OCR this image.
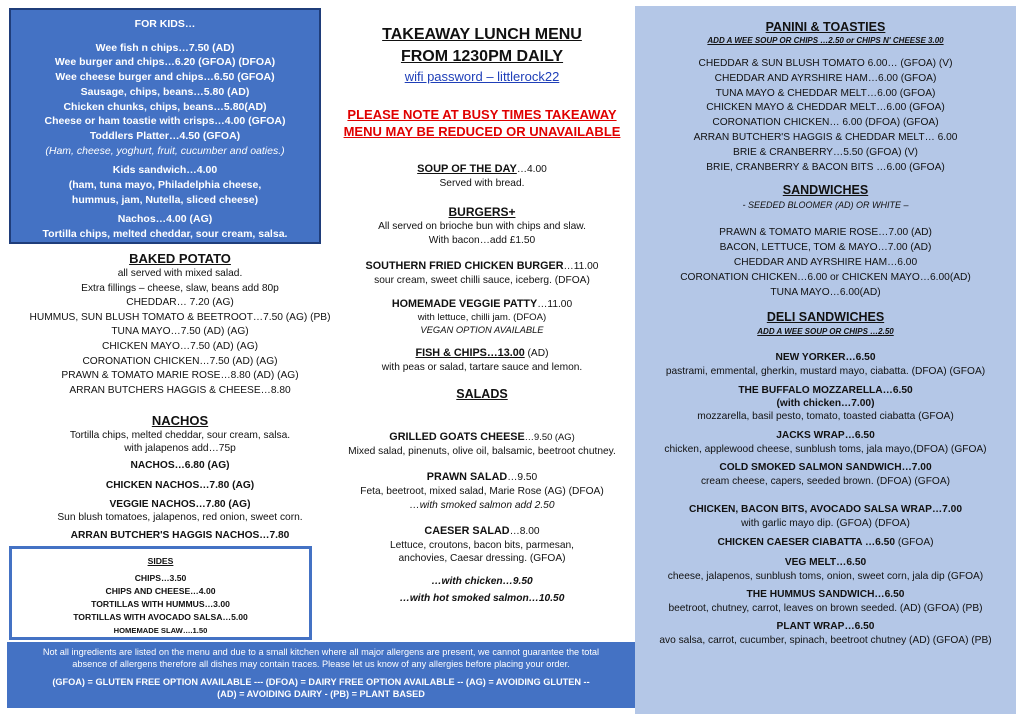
FOR KIDS…
Wee fish n chips…7.50 (AD)
Wee burger and chips…6.20 (GFOA) (DFOA)
Wee cheese burger and chips…6.50 (GFOA)
Sausage, chips, beans…5.80 (AD)
Chicken chunks, chips, beans…5.80(AD)
Cheese or ham toastie with crisps…4.00 (GFOA)
Toddlers Platter…4.50 (GFOA)
(Ham, cheese, yoghurt, fruit, cucumber and oaties.)
Kids sandwich…4.00
(ham, tuna mayo, Philadelphia cheese,
hummus, jam, Nutella, sliced cheese)
Nachos…4.00 (AG)
Tortilla chips, melted cheddar, sour cream, salsa.
BAKED POTATO
all served with mixed salad.
Extra fillings – cheese, slaw, beans add 80p
CHEDDAR… 7.20 (AG)
HUMMUS, SUN BLUSH TOMATO & BEETROOT…7.50 (AG) (PB)
TUNA MAYO…7.50 (AD) (AG)
CHICKEN MAYO…7.50 (AD) (AG)
CORONATION CHICKEN…7.50 (AD) (AG)
PRAWN & TOMATO MARIE ROSE…8.80 (AD) (AG)
ARRAN BUTCHERS HAGGIS & CHEESE…8.80
NACHOS
Tortilla chips, melted cheddar, sour cream, salsa.
with jalapenos add…75p
NACHOS…6.80 (AG)
CHICKEN NACHOS…7.80 (AG)
VEGGIE NACHOS…7.80 (AG)
Sun blush tomatoes, jalapenos, red onion, sweet corn.
ARRAN BUTCHER'S HAGGIS NACHOS…7.80
SIDES
CHIPS…3.50
CHIPS AND CHEESE…4.00
TORTILLAS WITH HUMMUS…3.00
TORTILLAS WITH AVOCADO SALSA…5.00
HOMEMADE SLAW….1.50
Not all ingredients are listed on the menu and due to a small kitchen where all major allergens are present, we cannot guarantee the total
absence of allergens therefore all dishes may contain traces. Please let us know of any allergies before placing your order.
(GFOA) = GLUTEN FREE OPTION AVAILABLE --- (DFOA) = DAIRY FREE OPTION AVAILABLE -- (AG) = AVOIDING GLUTEN --
(AD) = AVOIDING DAIRY - (PB) = PLANT BASED
TAKEAWAY LUNCH MENU
FROM 1230PM DAILY
wifi password – littlerock22
PLEASE NOTE AT BUSY TIMES TAKEAWAY
MENU MAY BE REDUCED OR UNAVAILABLE
SOUP OF THE DAY…4.00
Served with bread.
BURGERS+
All served on brioche bun with chips and slaw.
With bacon…add £1.50
SOUTHERN FRIED CHICKEN BURGER…11.00
sour cream, sweet chilli sauce, iceberg. (DFOA)
HOMEMADE VEGGIE PATTY…11.00
with lettuce, chilli jam. (DFOA)
VEGAN OPTION AVAILABLE
FISH & CHIPS…13.00 (AD)
with peas or salad, tartare sauce and lemon.
SALADS
GRILLED GOATS CHEESE…9.50 (AG)
Mixed salad, pinenuts, olive oil, balsamic, beetroot chutney.
PRAWN SALAD…9.50
Feta, beetroot, mixed salad, Marie Rose (AG) (DFOA)
…with smoked salmon add 2.50
CAESER SALAD…8.00
Lettuce, croutons, bacon bits, parmesan,
anchovies, Caesar dressing. (GFOA)
…with chicken…9.50
…with hot smoked salmon…10.50
PANINI & TOASTIES
ADD A WEE SOUP OR CHIPS …2.50 or CHIPS N' CHEESE 3.00
CHEDDAR & SUN BLUSH TOMATO 6.00… (GFOA) (V)
CHEDDAR AND AYRSHIRE HAM…6.00 (GFOA)
TUNA MAYO & CHEDDAR MELT…6.00 (GFOA)
CHICKEN MAYO & CHEDDAR MELT…6.00 (GFOA)
CORONATION CHICKEN… 6.00 (DFOA) (GFOA)
ARRAN BUTCHER'S HAGGIS & CHEDDAR MELT… 6.00
BRIE & CRANBERRY…5.50 (GFOA) (V)
BRIE, CRANBERRY & BACON BITS …6.00 (GFOA)
SANDWICHES
- SEEDED BLOOMER (AD) OR WHITE –
PRAWN & TOMATO MARIE ROSE…7.00 (AD)
BACON, LETTUCE, TOM & MAYO…7.00 (AD)
CHEDDAR AND AYRSHIRE HAM…6.00
CORONATION CHICKEN…6.00 or CHICKEN MAYO…6.00(AD)
TUNA MAYO…6.00(AD)
DELI SANDWICHES
ADD A WEE SOUP OR CHIPS …2.50
NEW YORKER…6.50
pastrami, emmental, gherkin, mustard mayo, ciabatta. (DFOA) (GFOA)
THE BUFFALO MOZZARELLA…6.50
(with chicken…7.00)
mozzarella, basil pesto, tomato, toasted ciabatta (GFOA)
JACKS WRAP…6.50
chicken, applewood cheese, sunblush toms, jala mayo,(DFOA) (GFOA)
COLD SMOKED SALMON SANDWICH…7.00
cream cheese, capers, seeded brown. (DFOA) (GFOA)
CHICKEN, BACON BITS, AVOCADO SALSA WRAP…7.00
with garlic mayo dip. (GFOA) (DFOA)
CHICKEN CAESER CIABATTA …6.50 (GFOA)
VEG MELT…6.50
cheese, jalapenos, sunblush toms, onion, sweet corn, jala dip (GFOA)
THE HUMMUS SANDWICH…6.50
beetroot, chutney, carrot, leaves on brown seeded. (AD) (GFOA) (PB)
PLANT WRAP…6.50
avo salsa, carrot, cucumber, spinach, beetroot chutney (AD) (GFOA) (PB)
